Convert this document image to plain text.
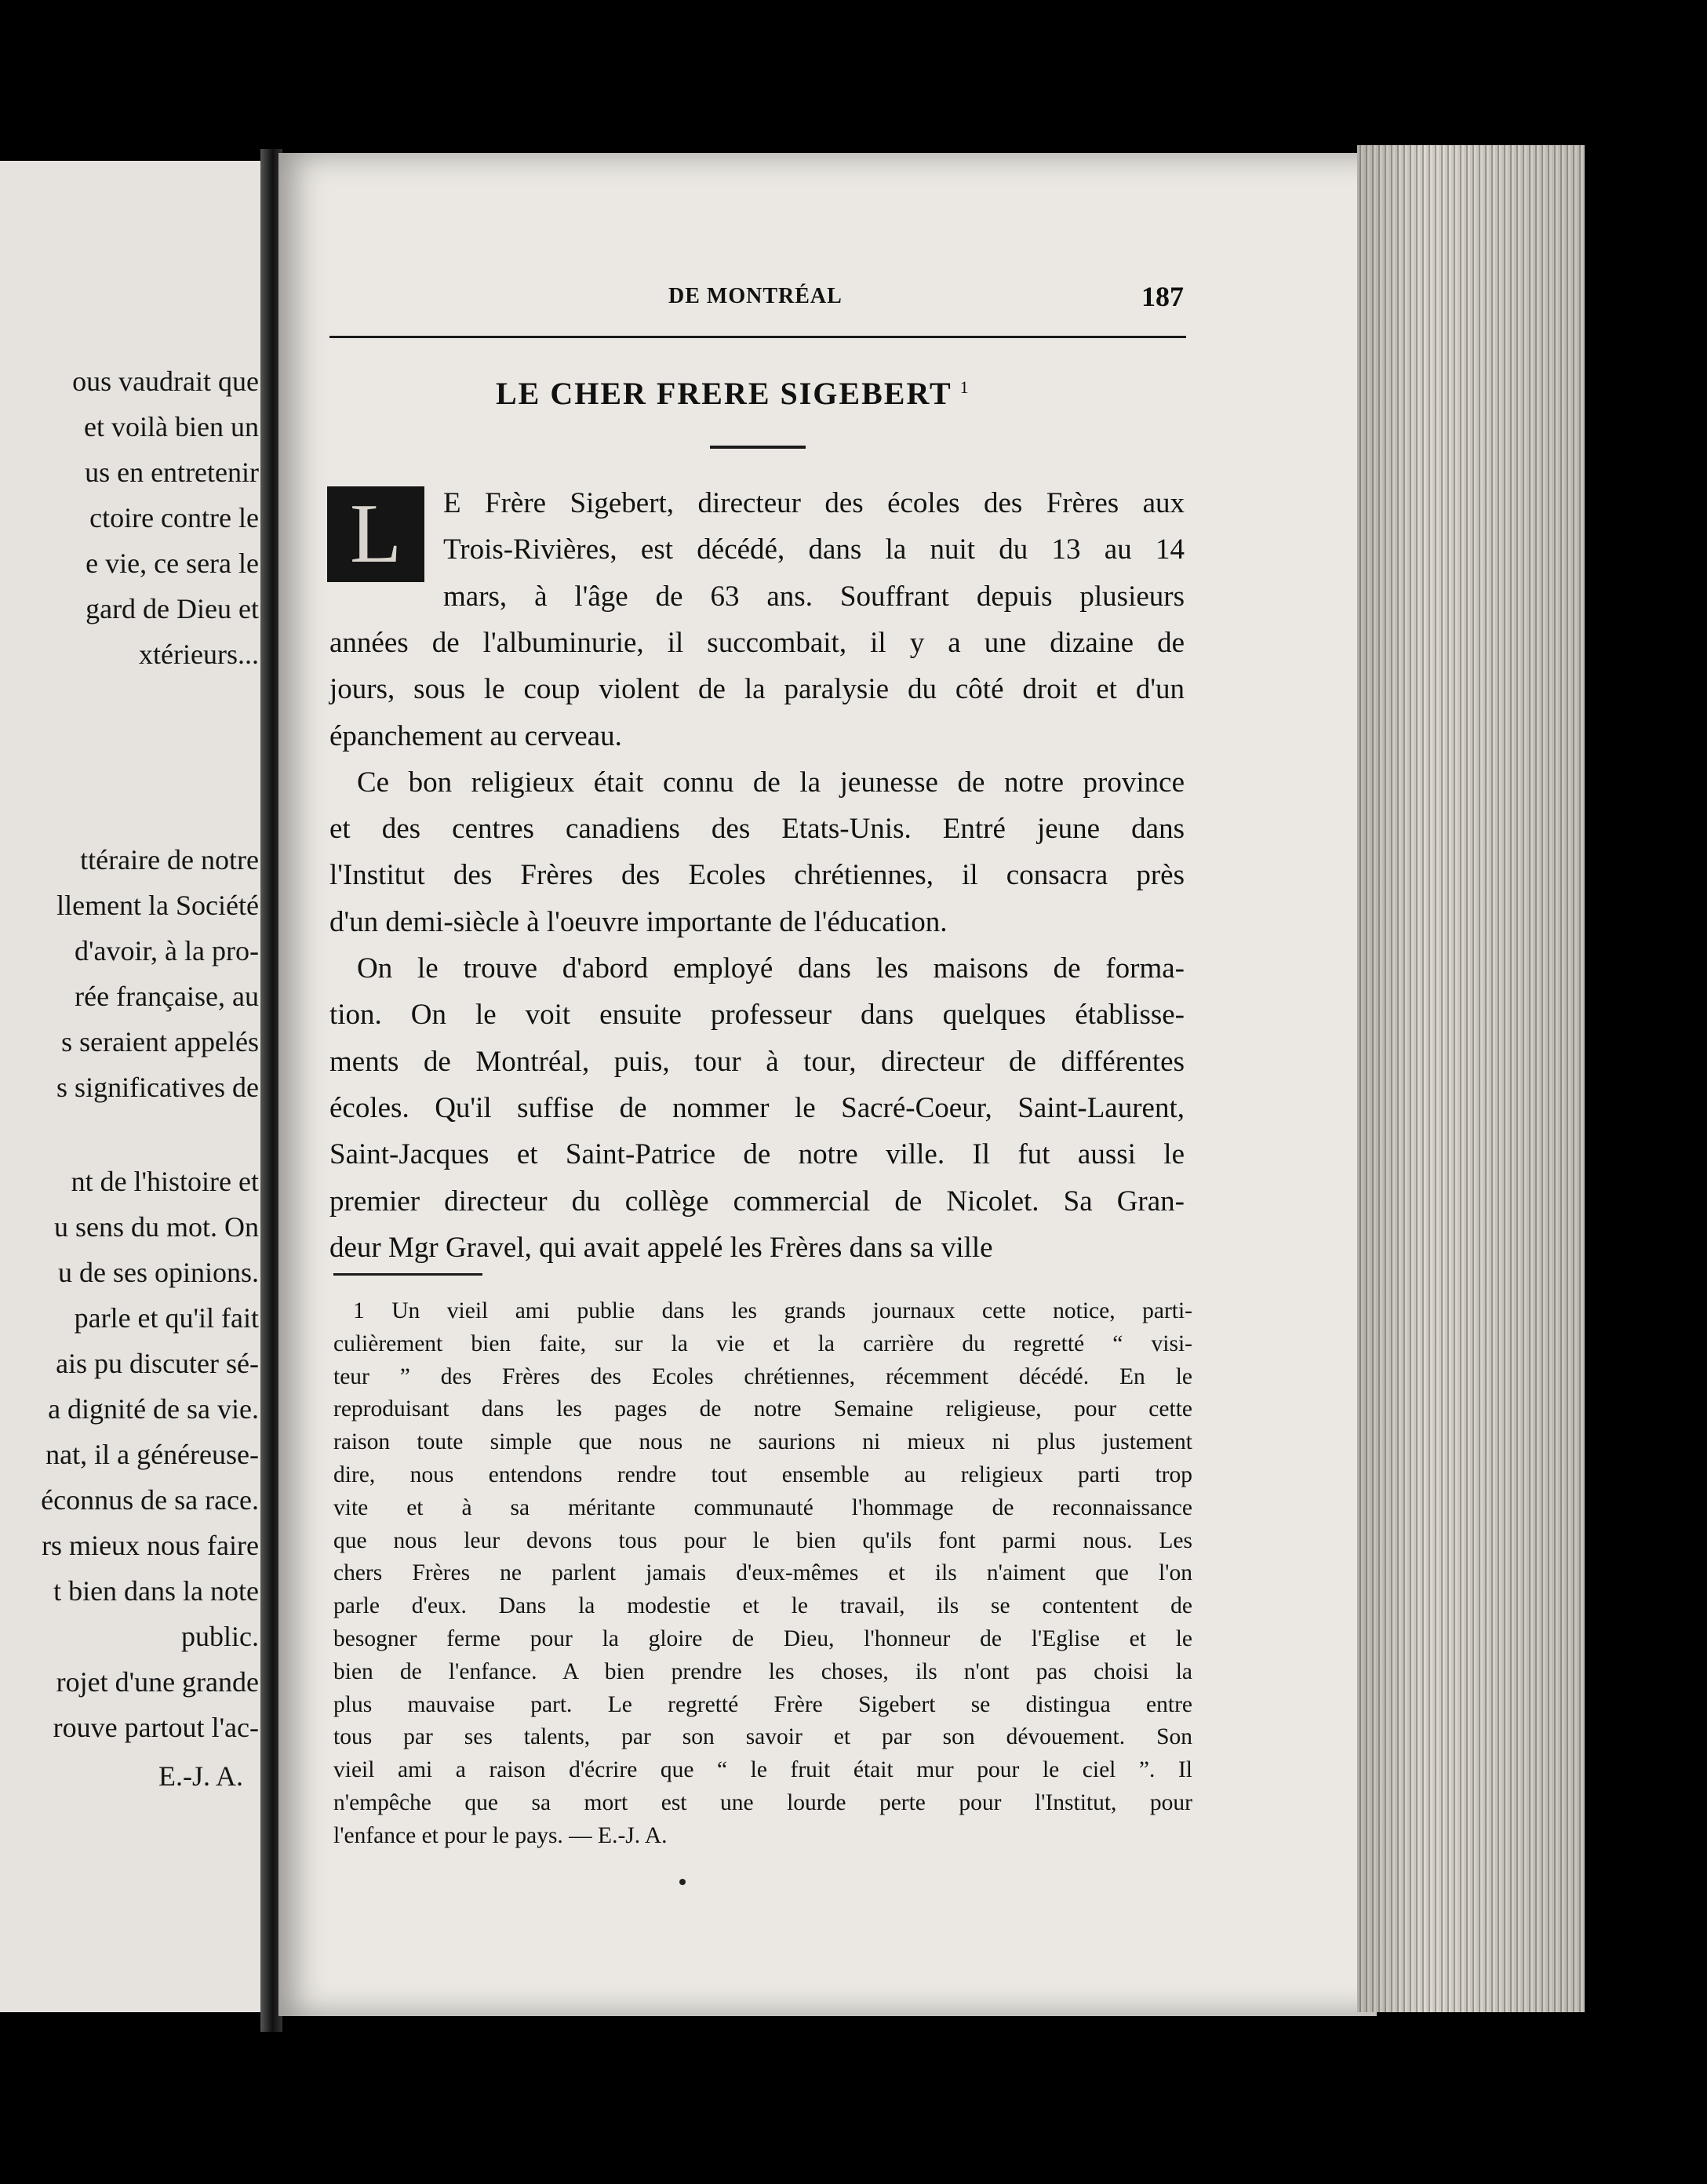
ous vaudrait que
et voilà bien un
us en entretenir
ctoire contre le
e vie, ce sera le
gard de Dieu et
xtérieurs...
ttéraire de notre
llement la Société
d'avoir, à la pro-
rée française, au
s seraient appelés
s significatives de
nt de l'histoire et
u sens du mot. On
u de ses opinions.
parle et qu'il fait
ais pu discuter sé-
a dignité de sa vie.
nat, il a généreuse-
éconnus de sa race.
rs mieux nous faire
t bien dans la note
public.
rojet d'une grande
rouve partout l'ac-
E.-J. A.
DE MONTRÉAL	187
LE CHER FRERE SIGEBERT $^1$
L E Frère Sigebert, directeur des écoles des Frères aux
Trois-Rivières, est décédé, dans la nuit du 13 au 14
mars, à l'âge de 63 ans. Souffrant depuis plusieurs
années de l'albuminurie, il succombait, il y a une dizaine de
jours, sous le coup violent de la paralysie du côté droit et d'un
épanchement au cerveau.
Ce bon religieux était connu de la jeunesse de notre province
et des centres canadiens des Etats-Unis. Entré jeune dans
l'Institut des Frères des Ecoles chrétiennes, il consacra près
d'un demi-siècle à l'oeuvre importante de l'éducation.
On le trouve d'abord employé dans les maisons de forma-
tion. On le voit ensuite professeur dans quelques établisse-
ments de Montréal, puis, tour à tour, directeur de différentes
écoles. Qu'il suffise de nommer le Sacré-Coeur, Saint-Laurent,
Saint-Jacques et Saint-Patrice de notre ville. Il fut aussi le
premier directeur du collège commercial de Nicolet. Sa Gran-
deur Mgr Gravel, qui avait appelé les Frères dans sa ville
1 Un vieil ami publie dans les grands journaux cette notice, parti-
culièrement bien faite, sur la vie et la carrière du regretté “ visi-
teur ” des Frères des Ecoles chrétiennes, récemment décédé. En le
reproduisant dans les pages de notre Semaine religieuse, pour cette
raison toute simple que nous ne saurions ni mieux ni plus justement
dire, nous entendons rendre tout ensemble au religieux parti trop
vite et à sa méritante communauté l'hommage de reconnaissance
que nous leur devons tous pour le bien qu'ils font parmi nous. Les
chers Frères ne parlent jamais d'eux-mêmes et ils n'aiment que l'on
parle d'eux. Dans la modestie et le travail, ils se contentent de
besogner ferme pour la gloire de Dieu, l'honneur de l'Eglise et le
bien de l'enfance. A bien prendre les choses, ils n'ont pas choisi la
plus mauvaise part. Le regretté Frère Sigebert se distingua entre
tous par ses talents, par son savoir et par son dévouement. Son
vieil ami a raison d'écrire que “ le fruit était mur pour le ciel ”. Il
n'empêche que sa mort est une lourde perte pour l'Institut, pour
l'enfance et pour le pays. — E.-J. A.
